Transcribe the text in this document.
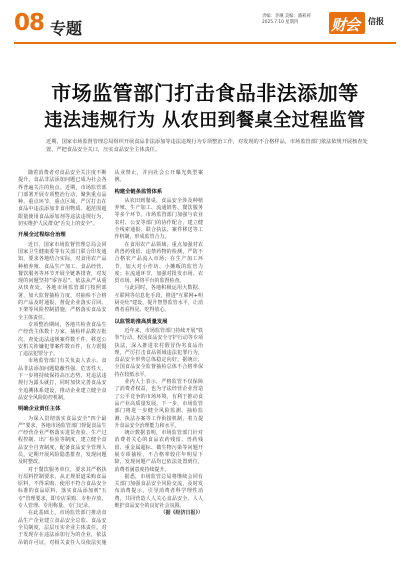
08 专题
责编：李琳 美编：潘莉莉 2025.7.10 星期四	财会 信报
市场监管部门打击食品非法添加等
违法违规行为 从农田到餐桌全过程监管
近期，国家市场监督管理总局组织开展食品非法添加等违法违规行为专项整治工作，对发现的不合格样品，市场监管部门依法依规开展核查处置，严把食品安全关口，压实食品安全主体责任。

随着消费者对食品安全关注度不断提升，食品非法添加问题已成为社会各界普遍关注的焦点。近期，市场监管部门部署开展专项整治行动，聚焦重点品种、重点环节、重点区域，严厉打击在食品中违法添加非食用物质、超范围超限量使用食品添加剂等违法违规行为，切实维护人民群众"舌尖上的安全"。

开展全过程综合治理

近日，国家市场监督管理总局会同国家卫生健康委等有关部门联合印发通知，要求各地结合实际，对食用农产品种植养殖、食品生产加工、食品经营、餐饮服务等环节开展全链条排查，对发现的问题坚持"零容忍"，依法从严从重从快查处。各地市场监管部门按照部署，加大监督抽检力度，对抽检不合格的产品及时通报，督促企业落实召回、下架等风险控制措施，严格落实食品安全主体责任。

专项整治期间，各地共检查食品生产经营主体数十万家，抽检样品数万批次，查处违法违规案件数千件，移送公安机关涉嫌犯罪案件数百件，有力震慑了违法犯罪分子。

市场监管部门有关负责人表示，食品非法添加问题隐蔽性强、危害性大，下一步将持续保持高压态势，对违法违规行为露头就打，同时加快完善食品安全追溯体系建设，推动企业建立健全食品安全风险防控机制。

明确企业责任主体

为深入贯彻落实食品安全"四个最严"要求，各地市场监管部门督促食品生产经营企业严格落实进货查验、生产过程控制、出厂检验等制度，建立健全食品安全自查制度，配备食品安全管理人员，定期开展风险隐患排查，发现问题及时整改。

对于餐饮服务单位，要求其严格执行原料控制要求，从正规渠道采购食品原料，不得采购、使用不符合食品安全标准的食品原料，落实食品添加剂"五专"管理要求，即专店采购、专柜存放、专人管理、专用称量、专门记录。

在此基础上，市场监管部门推动食品生产企业建立食品安全总监、食品安全员制度，层层压实企业主体责任。对于发现存在违法添加行为的企业，依法吊销许可证，对相关责任人员依法实施从业禁止，并向社会公开曝光典型案例。

构建全链条监管体系

从农田到餐桌，食品安全涉及种植养殖、生产加工、流通销售、餐饮服务等多个环节。市场监管部门加强与农业农村、公安等部门的协作配合，建立健全线索通报、联合执法、案件移送等工作机制，形成监管合力。

在食用农产品领域，重点加强对农药兽药残留、违禁药物的检测，严防不合格农产品流入市场；在生产加工环节，加大对小作坊、小摊贩的监管力度；在流通环节，加强对批发市场、农贸市场、网络平台的监督检查。

与此同时，各地积极运用大数据、互联网等信息化手段，推进"互联网+明厨亮灶"建设，提升智慧监管水平，让消费者看得见、吃得放心。

以监管助推高质量发展

近年来，市场监管部门持续开展"铁拳"行动、校园食品安全守护行动等专项执法，深入推进农村假冒伪劣食品治理，严厉打击食品领域违法犯罪行为，食品安全形势总体稳定向好。据统计，全国食品安全监督抽检总体不合格率保持在较低水平。

业内人士表示，严格监管不仅保障了消费者权益，也为守法经营企业营造了公平竞争的市场环境，有利于推动食品产业高质量发展。下一步，市场监管部门将进一步健全风险监测、抽检监测、执法办案等工作衔接机制，着力提升食品安全治理能力和水平。

统计数据表明，市场监管部门针对消费者关心的食品农药残留、兽药残留、重金属超标、微生物污染等问题开展专项抽检，不合格率较往年明显下降，发现问题产品均已依法处置到位，消费者满意度持续提升。

据悉，市场监管总局将继续会同有关部门加强食品安全风险交流，及时发布消费提示，引导消费者科学理性消费，共同营造人人关心食品安全、人人维护食品安全的良好社会氛围。

（据《经济日报》）
